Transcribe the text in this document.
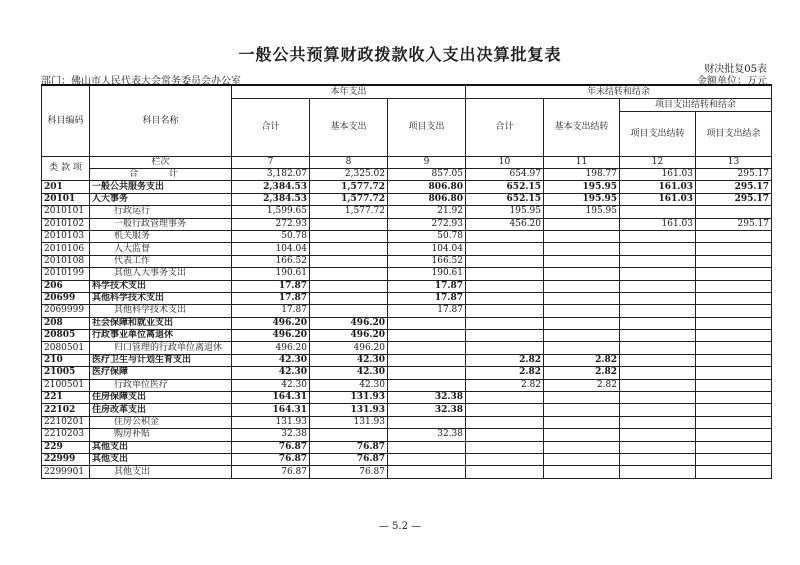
一般公共预算财政拨款收入支出决算批复表
财决批复05表
部门：佛山市人民代表大会常务委员会办公室	金额单位：万元
科目编码	科目名称	本年支出			年末结转和结余			
		合计	基本支出	项目支出	合计	基本支出结转	项目支出结转和结余	
							项目支出结转	项目支出结余
类 款 项	栏次	7	8	9	10	11	12	13
	合 计	3,182.07	2,325.02	857.05	654.97	198.77	161.03	295.17
201	一般公共服务支出	2,384.53	1,577.72	806.80	652.15	195.95	161.03	295.17
20101	人大事务	2,384.53	1,577.72	806.80	652.15	195.95	161.03	295.17
2010101	行政运行	1,599.65	1,577.72	21.92	195.95	195.95		
2010102	一般行政管理事务	272.93		272.93	456.20		161.03	295.17
2010103	机关服务	50.78		50.78				
2010106	人大监督	104.04		104.04				
2010108	代表工作	166.52		166.52				
2010199	其他人大事务支出	190.61		190.61				
206	科学技术支出	17.87		17.87				
20699	其他科学技术支出	17.87		17.87				
2069999	其他科学技术支出	17.87		17.87				
208	社会保障和就业支出	496.20	496.20					
20805	行政事业单位离退休	496.20	496.20					
2080501	归口管理的行政单位离退休	496.20	496.20					
210	医疗卫生与计划生育支出	42.30	42.30		2.82	2.82		
21005	医疗保障	42.30	42.30		2.82	2.82		
2100501	行政单位医疗	42.30	42.30		2.82	2.82		
221	住房保障支出	164.31	131.93	32.38				
22102	住房改革支出	164.31	131.93	32.38				
2210201	住房公积金	131.93	131.93					
2210203	购房补贴	32.38		32.38				
229	其他支出	76.87	76.87					
22999	其他支出	76.87	76.87					
2299901	其他支出	76.87	76.87					
— 5.2 —
